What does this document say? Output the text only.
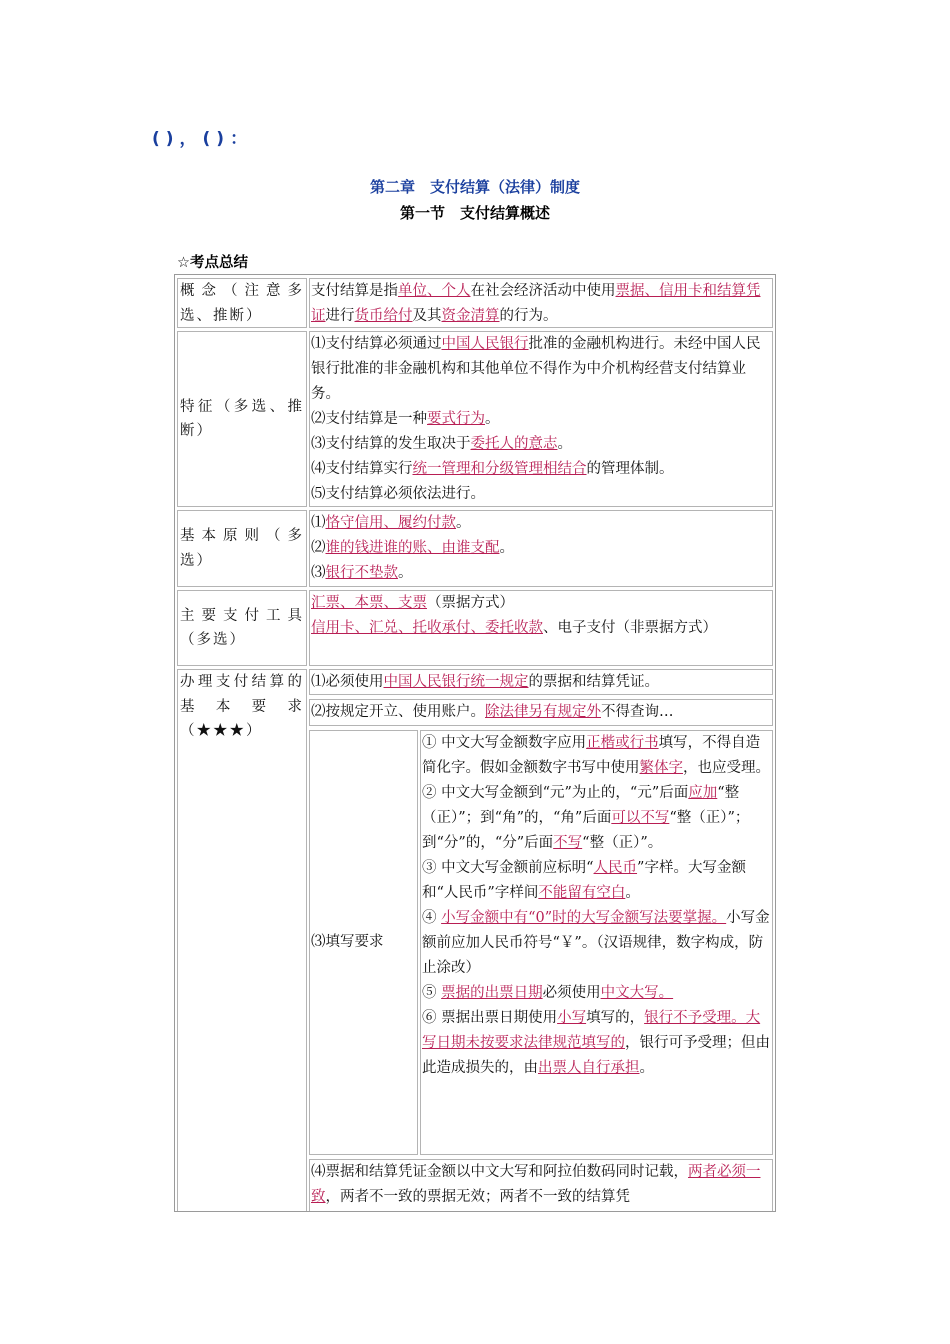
()，()：
第二章　支付结算（法律）制度
第一节　支付结算概述
☆考点总结
概念（注意多选、推断）

支付结算是指单位、个人在社会经济活动中使用票据、信用卡和结算凭证进行货币给付及其资金清算的行为。

特征（多选、推断）

⑴支付结算必须通过中国人民银行批准的金融机构进行。未经中国人民银行批准的非金融机构和其他单位不得作为中介机构经营支付结算业务。

⑵支付结算是一种要式行为。

⑶支付结算的发生取决于委托人的意志。

⑷支付结算实行统一管理和分级管理相结合的管理体制。

⑸支付结算必须依法进行。

基本原则（多选）

⑴恪守信用、履约付款。

⑵谁的钱进谁的账、由谁支配。

⑶银行不垫款。

主要支付工具（多选）

汇票、本票、支票（票据方式）

信用卡、汇兑、托收承付、委托收款、电子支付（非票据方式）

办理支付结算的基本要求（★★★）

⑴必须使用中国人民银行统一规定的票据和结算凭证。

⑵按规定开立、使用账户。除法律另有规定外不得查询…

⑶填写要求

① 中文大写金额数字应用正楷或行书填写，不得自造简化字。假如金额数字书写中使用繁体字，也应受理。

② 中文大写金额到“元”为止的，“元”后面应加“整（正）”；到“角”的，“角”后面可以不写“整（正）”；到“分”的，“分”后面不写“整（正）”。

③ 中文大写金额前应标明“人民币”字样。大写金额和“人民币”字样间不能留有空白。

④ 小写金额中有“0”时的大写金额写法要掌握。小写金额前应加人民币符号“￥”。（汉语规律，数字构成，防止涂改）

⑤ 票据的出票日期必须使用中文大写。

⑥ 票据出票日期使用小写填写的，银行不予受理。大写日期未按要求法律规范填写的，银行可予受理；但由此造成损失的，由出票人自行承担。

⑷票据和结算凭证金额以中文大写和阿拉伯数码同时记载，两者必须一致，两者不一致的票据无效；两者不一致的结算凭
